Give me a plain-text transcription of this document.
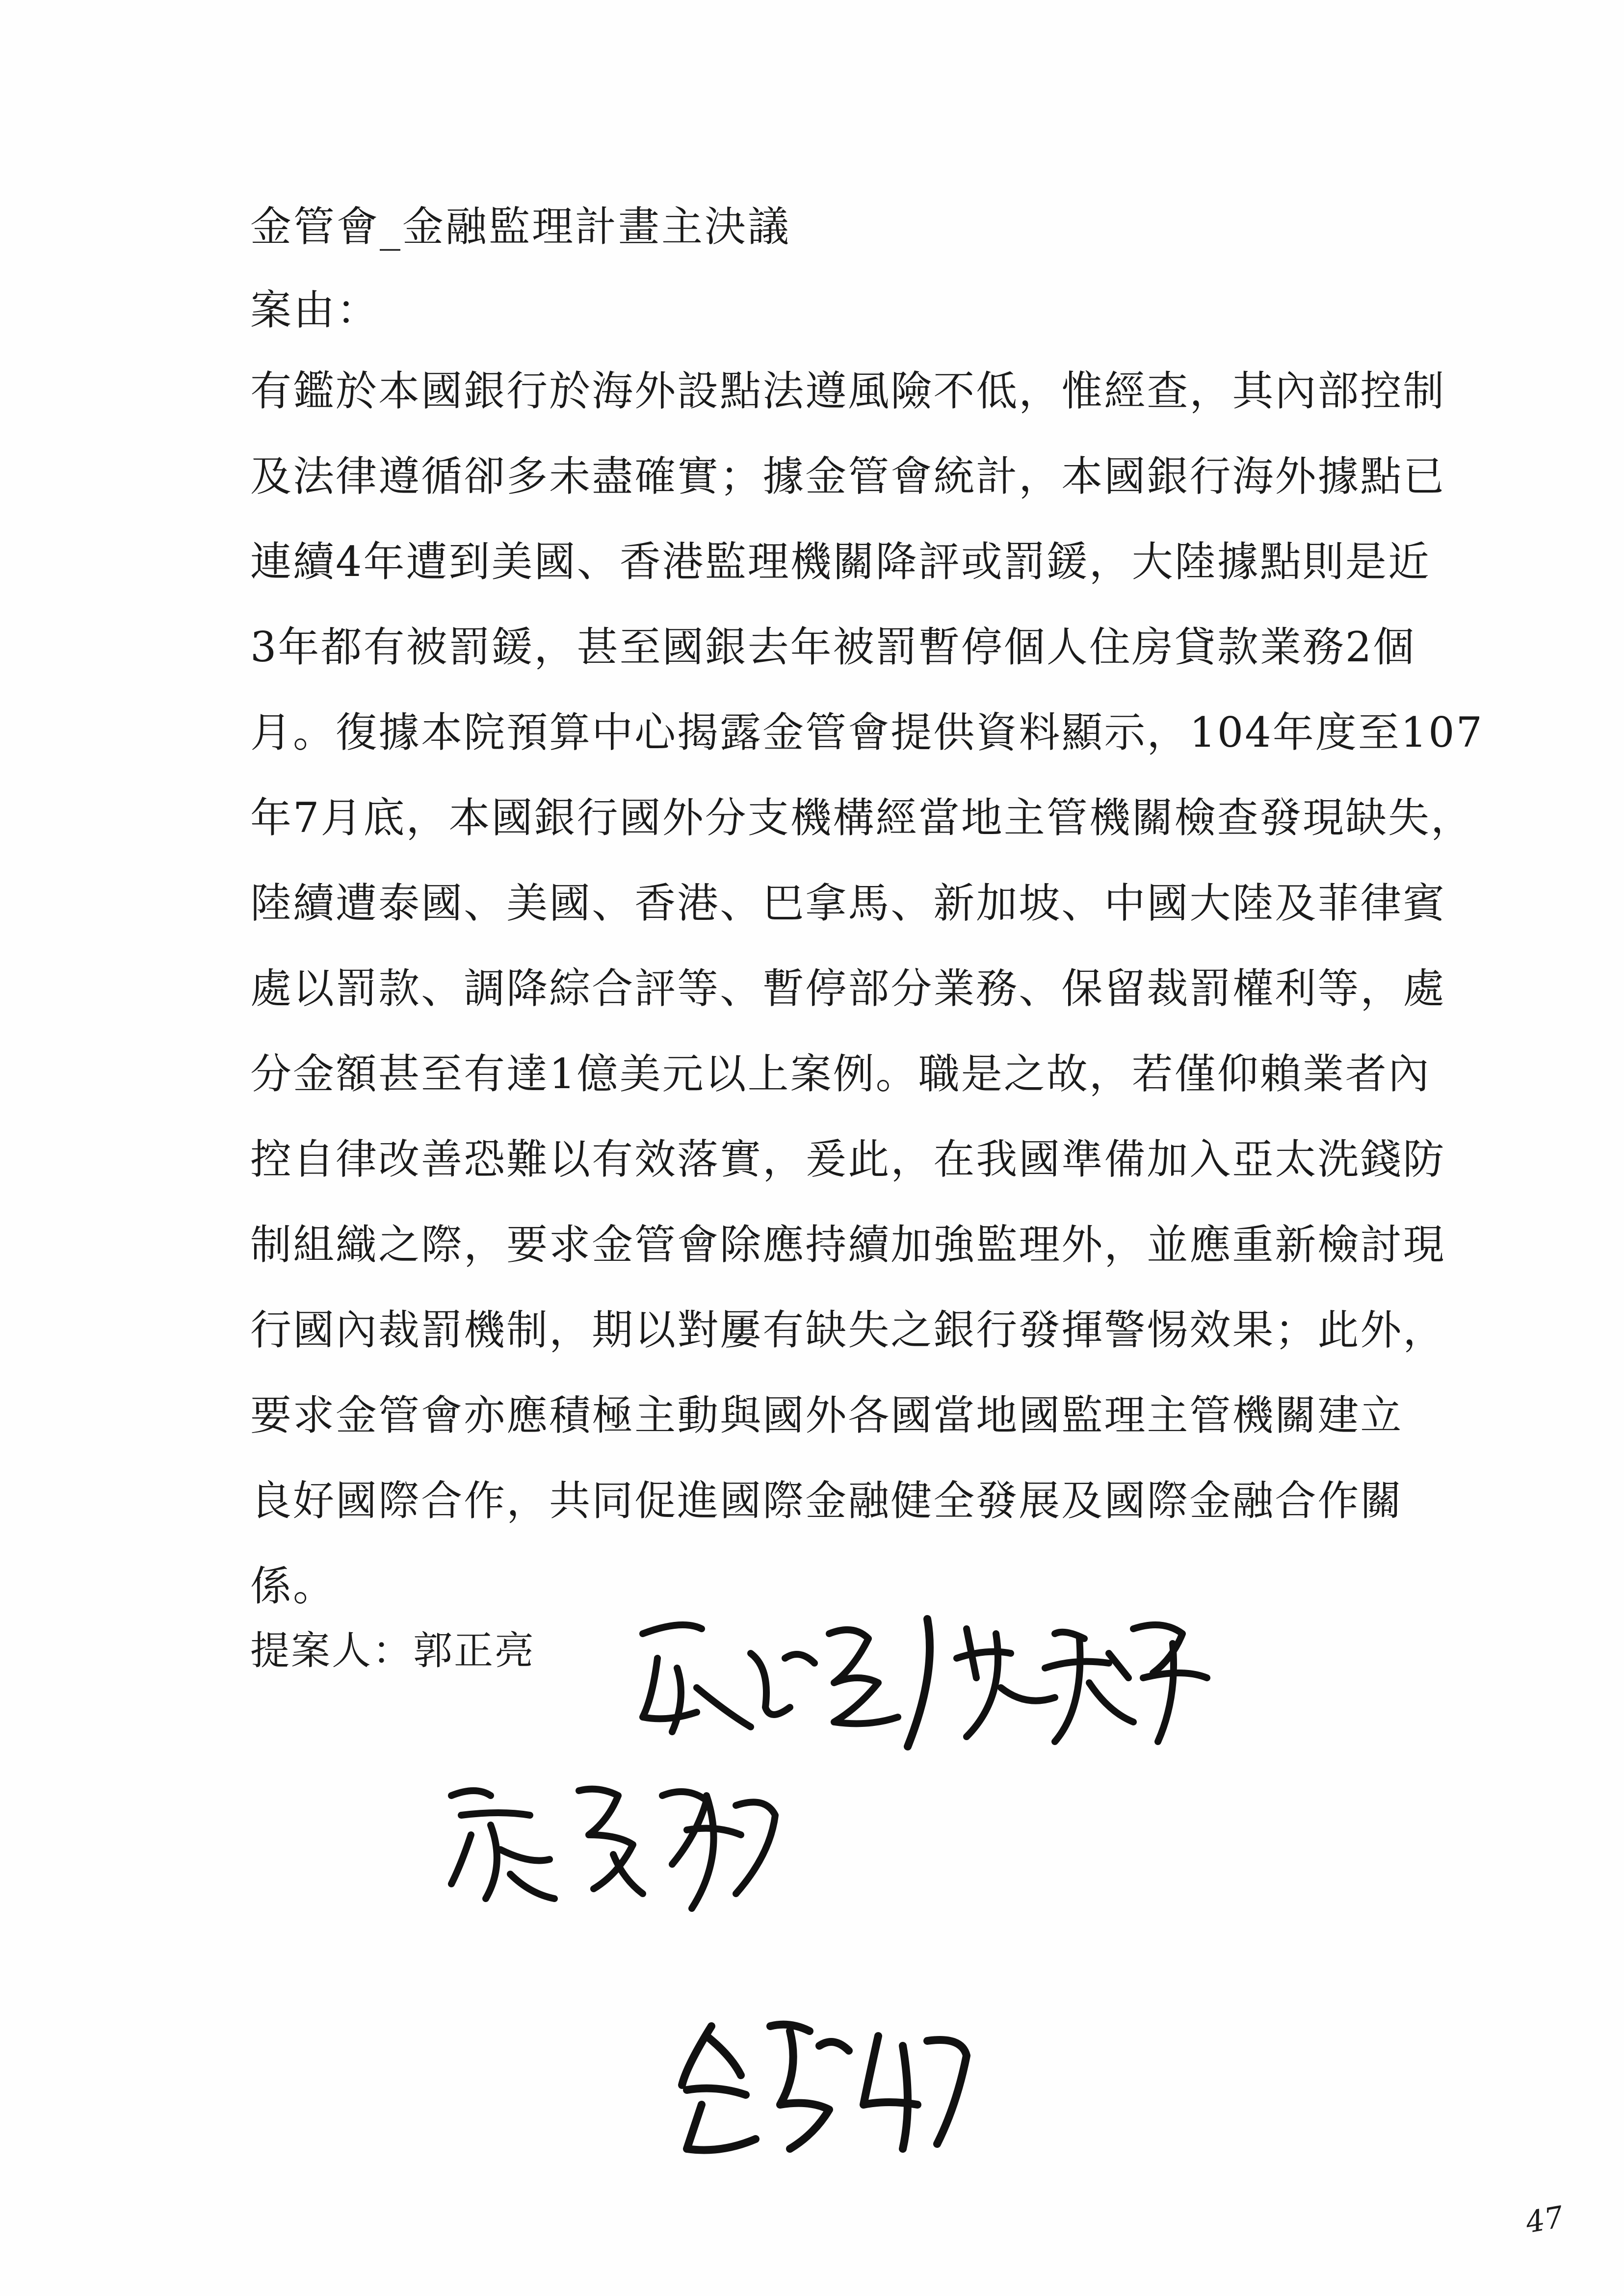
金管會_金融監理計畫主決議
案由：
有 鑑 於 本 國 銀 行 於 海 外 設 點 法 遵 風 險 不 低 ， 惟 經 查 ， 其 內 部 控 制
及 法 律 遵 循 卻 多 未 盡 確 實 ； 據 金 管 會 統 計 ， 本 國 銀 行 海 外 據 點 已
連 續 4 年 遭 到 美 國 、 香 港 監 理 機 關 降 評 或 罰 鍰 ， 大 陸 據 點 則 是 近
3 年 都 有 被 罰 鍰 ， 甚 至 國 銀 去 年 被 罰 暫 停 個 人 住 房 貸 款 業 務 2 個
月 。 復 據 本 院 預 算 中 心 揭 露 金 管 會 提 供 資 料 顯 示 ， 104 年 度 至 107
年 7 月 底 ， 本 國 銀 行 國 外 分 支 機 構 經 當 地 主 管 機 關 檢 查 發 現 缺 失 ，
陸 續 遭 泰 國 、 美 國 、 香 港 、 巴 拿 馬 、 新 加 坡 、 中 國 大 陸 及 菲 律 賓
處 以 罰 款 、 調 降 綜 合 評 等 、 暫 停 部 分 業 務 、 保 留 裁 罰 權 利 等 ， 處
分 金 額 甚 至 有 達 1 億 美 元 以 上 案 例 。 職 是 之 故 ， 若 僅 仰 賴 業 者 內
控 自 律 改 善 恐 難 以 有 效 落 實 ， 爰 此 ， 在 我 國 準 備 加 入 亞 太 洗 錢 防
制 組 織 之 際 ， 要 求 金 管 會 除 應 持 續 加 強 監 理 外 ， 並 應 重 新 檢 討 現
行 國 內 裁 罰 機 制 ， 期 以 對 屢 有 缺 失 之 銀 行 發 揮 警 惕 效 果 ； 此 外 ，
要 求 金 管 會 亦 應 積 極 主 動 與 國 外 各 國 當 地 國 監 理 主 管 機 關 建 立
良 好 國 際 合 作 ， 共 同 促 進 國 際 金 融 健 全 發 展 及 國 際 金 融 合 作 關
係。
提案人：郭正亮
47
